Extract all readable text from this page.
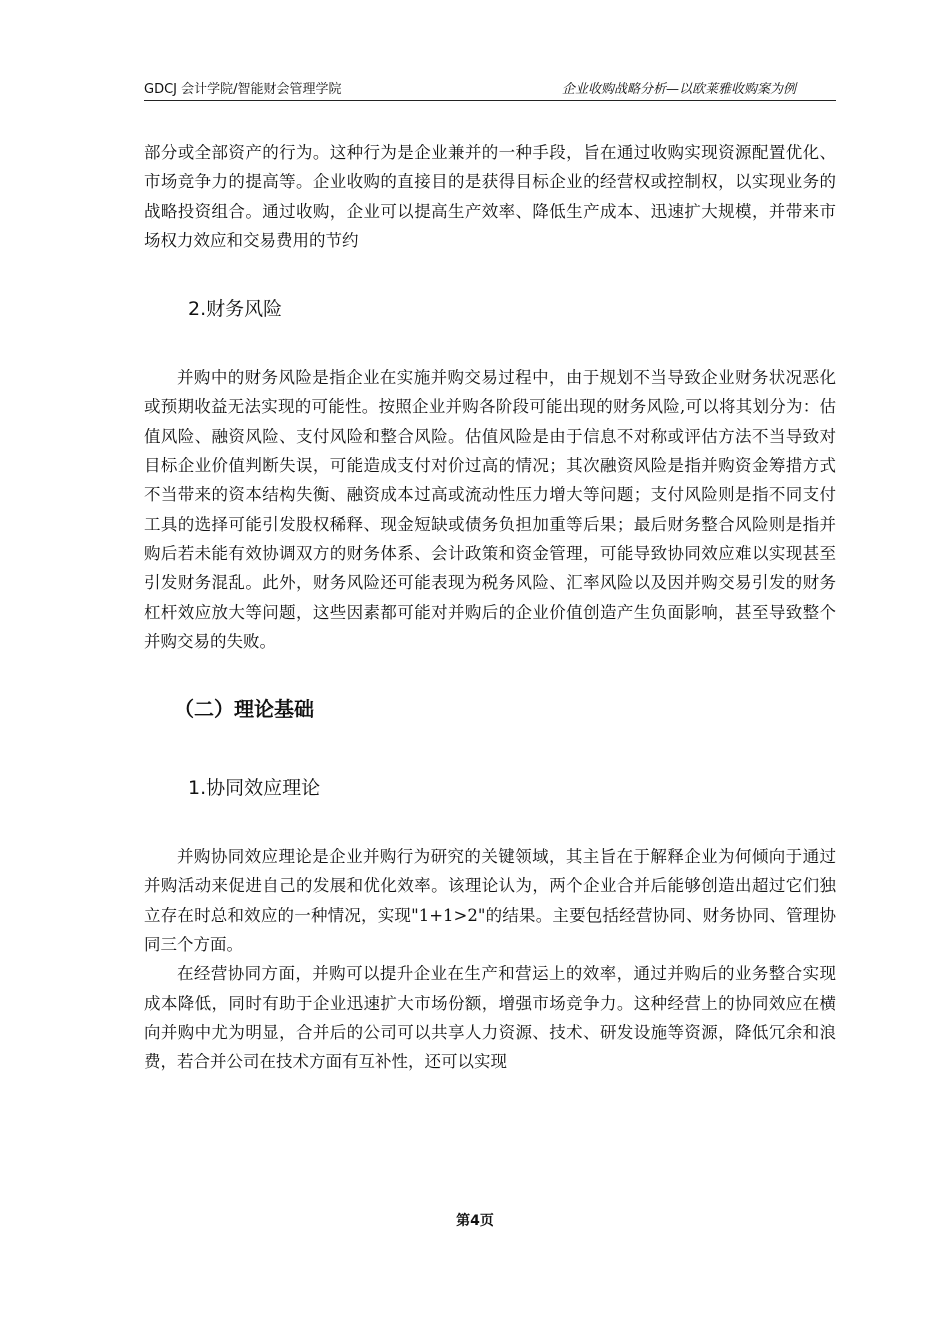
GDCJ 会计学院/智能财会管理学院	企业收购战略分析—以欧莱雅收购案为例

部分或全部资产的行为。这种行为是企业兼并的一种手段，旨在通过收购实现资源配置优化、市场竞争力的提高等。企业收购的直接目的是获得目标企业的经营权或控制权，以实现业务的战略投资组合。通过收购，企业可以提高生产效率、降低生产成本、迅速扩大规模，并带来市场权力效应和交易费用的节约

2.财务风险

并购中的财务风险是指企业在实施并购交易过程中，由于规划不当导致企业财务状况恶化或预期收益无法实现的可能性。按照企业并购各阶段可能出现的财务风险,可以将其划分为：估值风险、融资风险、支付风险和整合风险。估值风险是由于信息不对称或评估方法不当导致对目标企业价值判断失误，可能造成支付对价过高的情况；其次融资风险是指并购资金筹措方式不当带来的资本结构失衡、融资成本过高或流动性压力增大等问题；支付风险则是指不同支付工具的选择可能引发股权稀释、现金短缺或债务负担加重等后果；最后财务整合风险则是指并购后若未能有效协调双方的财务体系、会计政策和资金管理，可能导致协同效应难以实现甚至引发财务混乱。此外，财务风险还可能表现为税务风险、汇率风险以及因并购交易引发的财务杠杆效应放大等问题，这些因素都可能对并购后的企业价值创造产生负面影响，甚至导致整个并购交易的失败。

（二）理论基础
1.协同效应理论

并购协同效应理论是企业并购行为研究的关键领域，其主旨在于解释企业为何倾向于通过并购活动来促进自己的发展和优化效率。该理论认为，两个企业合并后能够创造出超过它们独立存在时总和效应的一种情况，实现"1+1>2"的结果。主要包括经营协同、财务协同、管理协同三个方面。

在经营协同方面，并购可以提升企业在生产和营运上的效率，通过并购后的业务整合实现成本降低，同时有助于企业迅速扩大市场份额，增强市场竞争力。这种经营上的协同效应在横向并购中尤为明显，合并后的公司可以共享人力资源、技术、研发设施等资源，降低冗余和浪费，若合并公司在技术方面有互补性，还可以实现

第4页
